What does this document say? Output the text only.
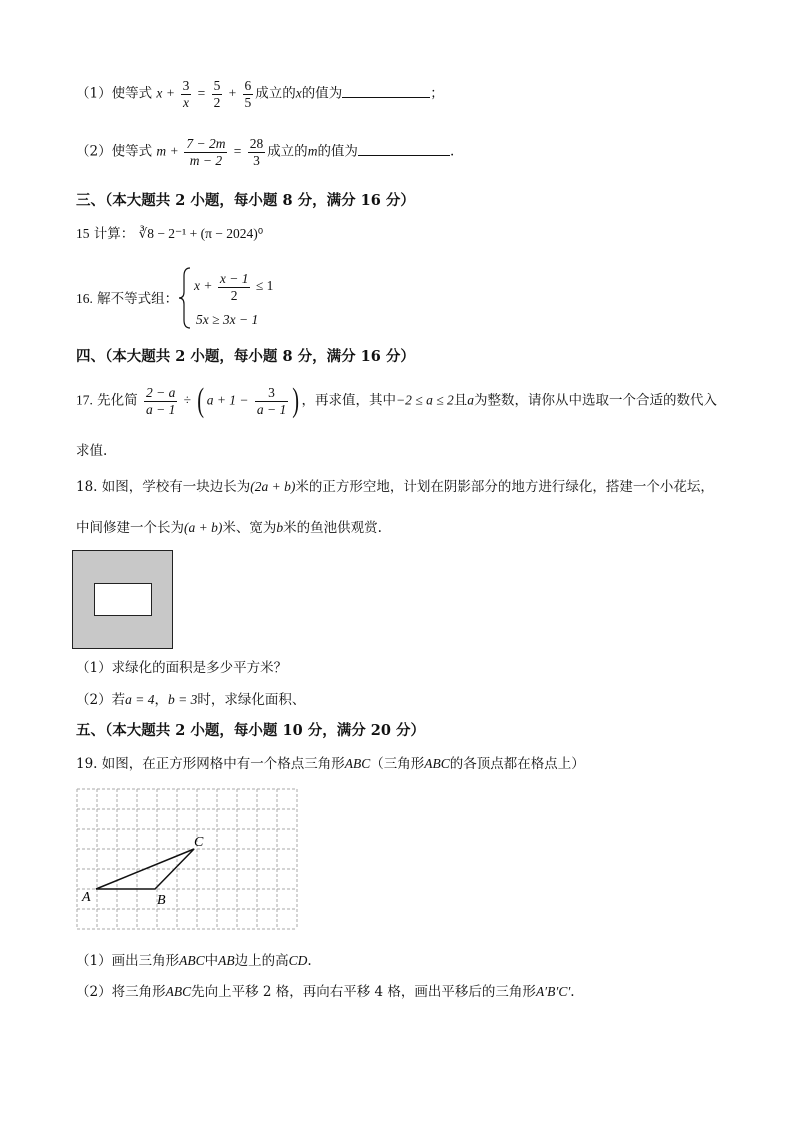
（1）使等式 $x + \frac{3}{x} = \frac{5}{2} + \frac{6}{5}$ 成立的x的值为	；
（2）使等式 $m + \frac{7 - 2m}{m - 2} = \frac{28}{3}$ 成立的m的值为	.
三、（本大题共 2 小题，每小题 8 分，满分 16 分）
15 计算： ∛8 − 2⁻¹ + (π − 2024)⁰
16. 解不等式组：
$x + \frac{x - 1}{2} \le 1$
5x ≥ 3x − 1
四、（本大题共 2 小题，每小题 8 分，满分 16 分）
17. 先化简 $\frac{2 - a}{a - 1}$ ÷ ( $a + 1 - \frac{3}{a - 1}$ ) ，再求值，其中−2 ≤ a ≤ 2且a为整数，请你从中选取一个合适的数代入
求值.
18. 如图，学校有一块边长为(2a + b)米的正方形空地，计划在阴影部分的地方进行绿化，搭建一个小花坛，
中间修建一个长为(a + b)米、宽为b米的鱼池供观赏.
（1）求绿化的面积是多少平方米？
（2）若a = 4，b = 3时，求绿化面积、
五、（本大题共 2 小题，每小题 10 分，满分 20 分）
19. 如图，在正方形网格中有一个格点三角形ABC（三角形ABC的各顶点都在格点上）
A	B
C
（1）画出三角形ABC中AB边上的高CD.
（2）将三角形ABC先向上平移 2 格，再向右平移 4 格，画出平移后的三角形A′B′C′.
